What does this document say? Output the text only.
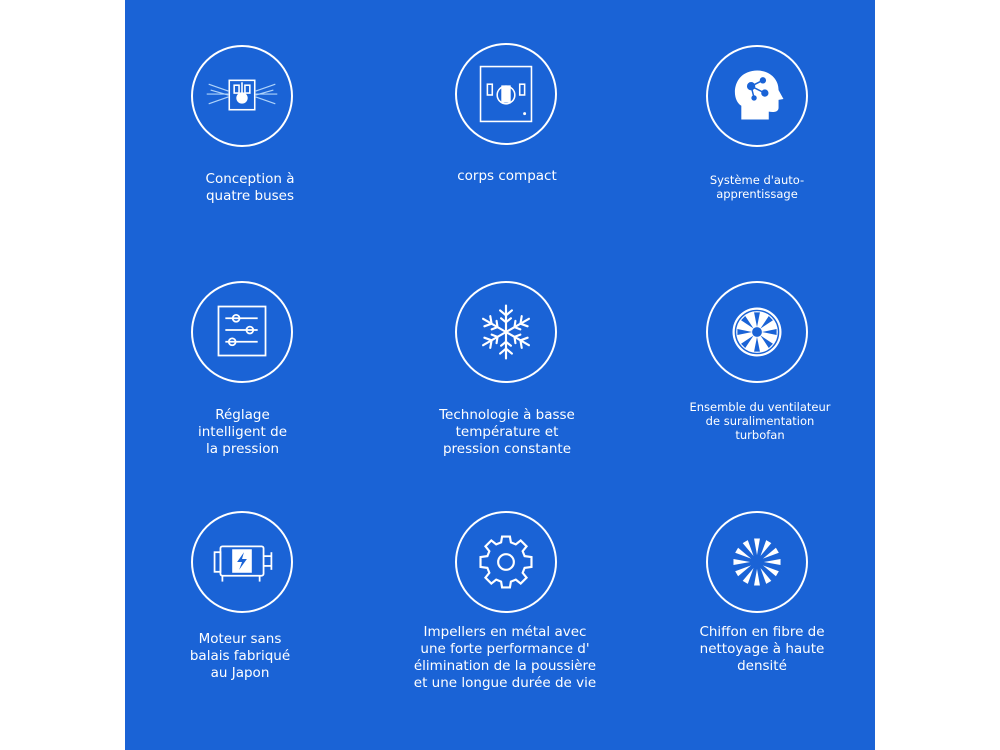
Conception à
quatre buses
corps compact	Système d'auto-
apprentissage
Réglage
intelligent de
la pression
Technologie à basse
température et
pression constante
Ensemble du ventilateur
de suralimentation
turbofan
Moteur sans
balais fabriqué
au Japon
Impellers en métal avec
une forte performance d'
élimination de la poussière
et une longue durée de vie
Chiffon en fibre de
nettoyage à haute densité
